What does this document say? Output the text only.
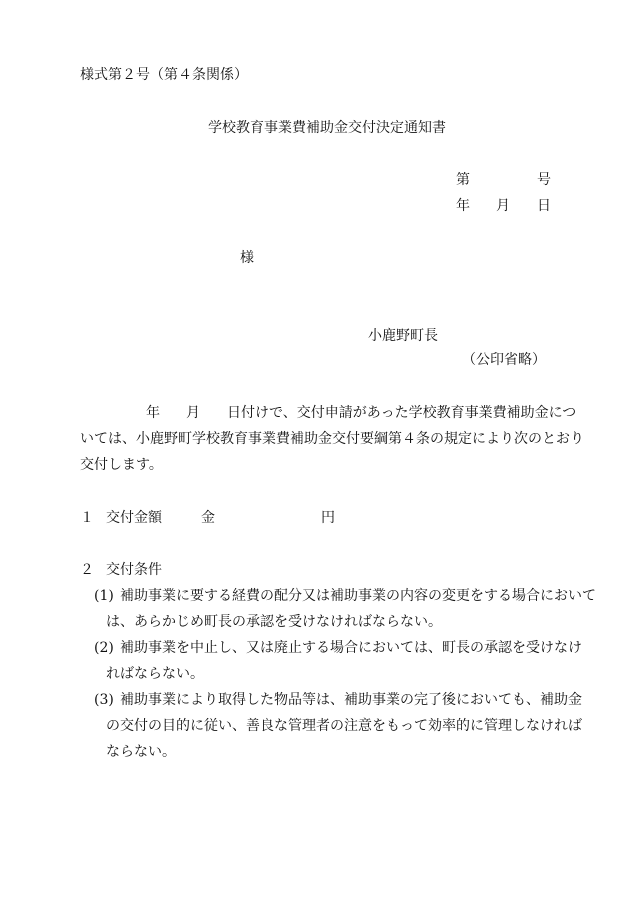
様式第２号（第４条関係）
学校教育事業費補助金交付決定通知書
第	号
年 月 日
様
小鹿野町長
（公印省略）
年 月 日付けで、交付申請があった学校教育事業費補助金につ
いては、小鹿野町学校教育事業費補助金交付要綱第４条の規定により次のとおり
交付します。
１ 交付金額	金	円
２ 交付条件
(1) 補助事業に要する経費の配分又は補助事業の内容の変更をする場合において
は、あらかじめ町長の承認を受けなければならない。
(2) 補助事業を中止し、又は廃止する場合においては、町長の承認を受けなけ
ればならない。
(3) 補助事業により取得した物品等は、補助事業の完了後においても、補助金
の交付の目的に従い、善良な管理者の注意をもって効率的に管理しなければ
ならない。
